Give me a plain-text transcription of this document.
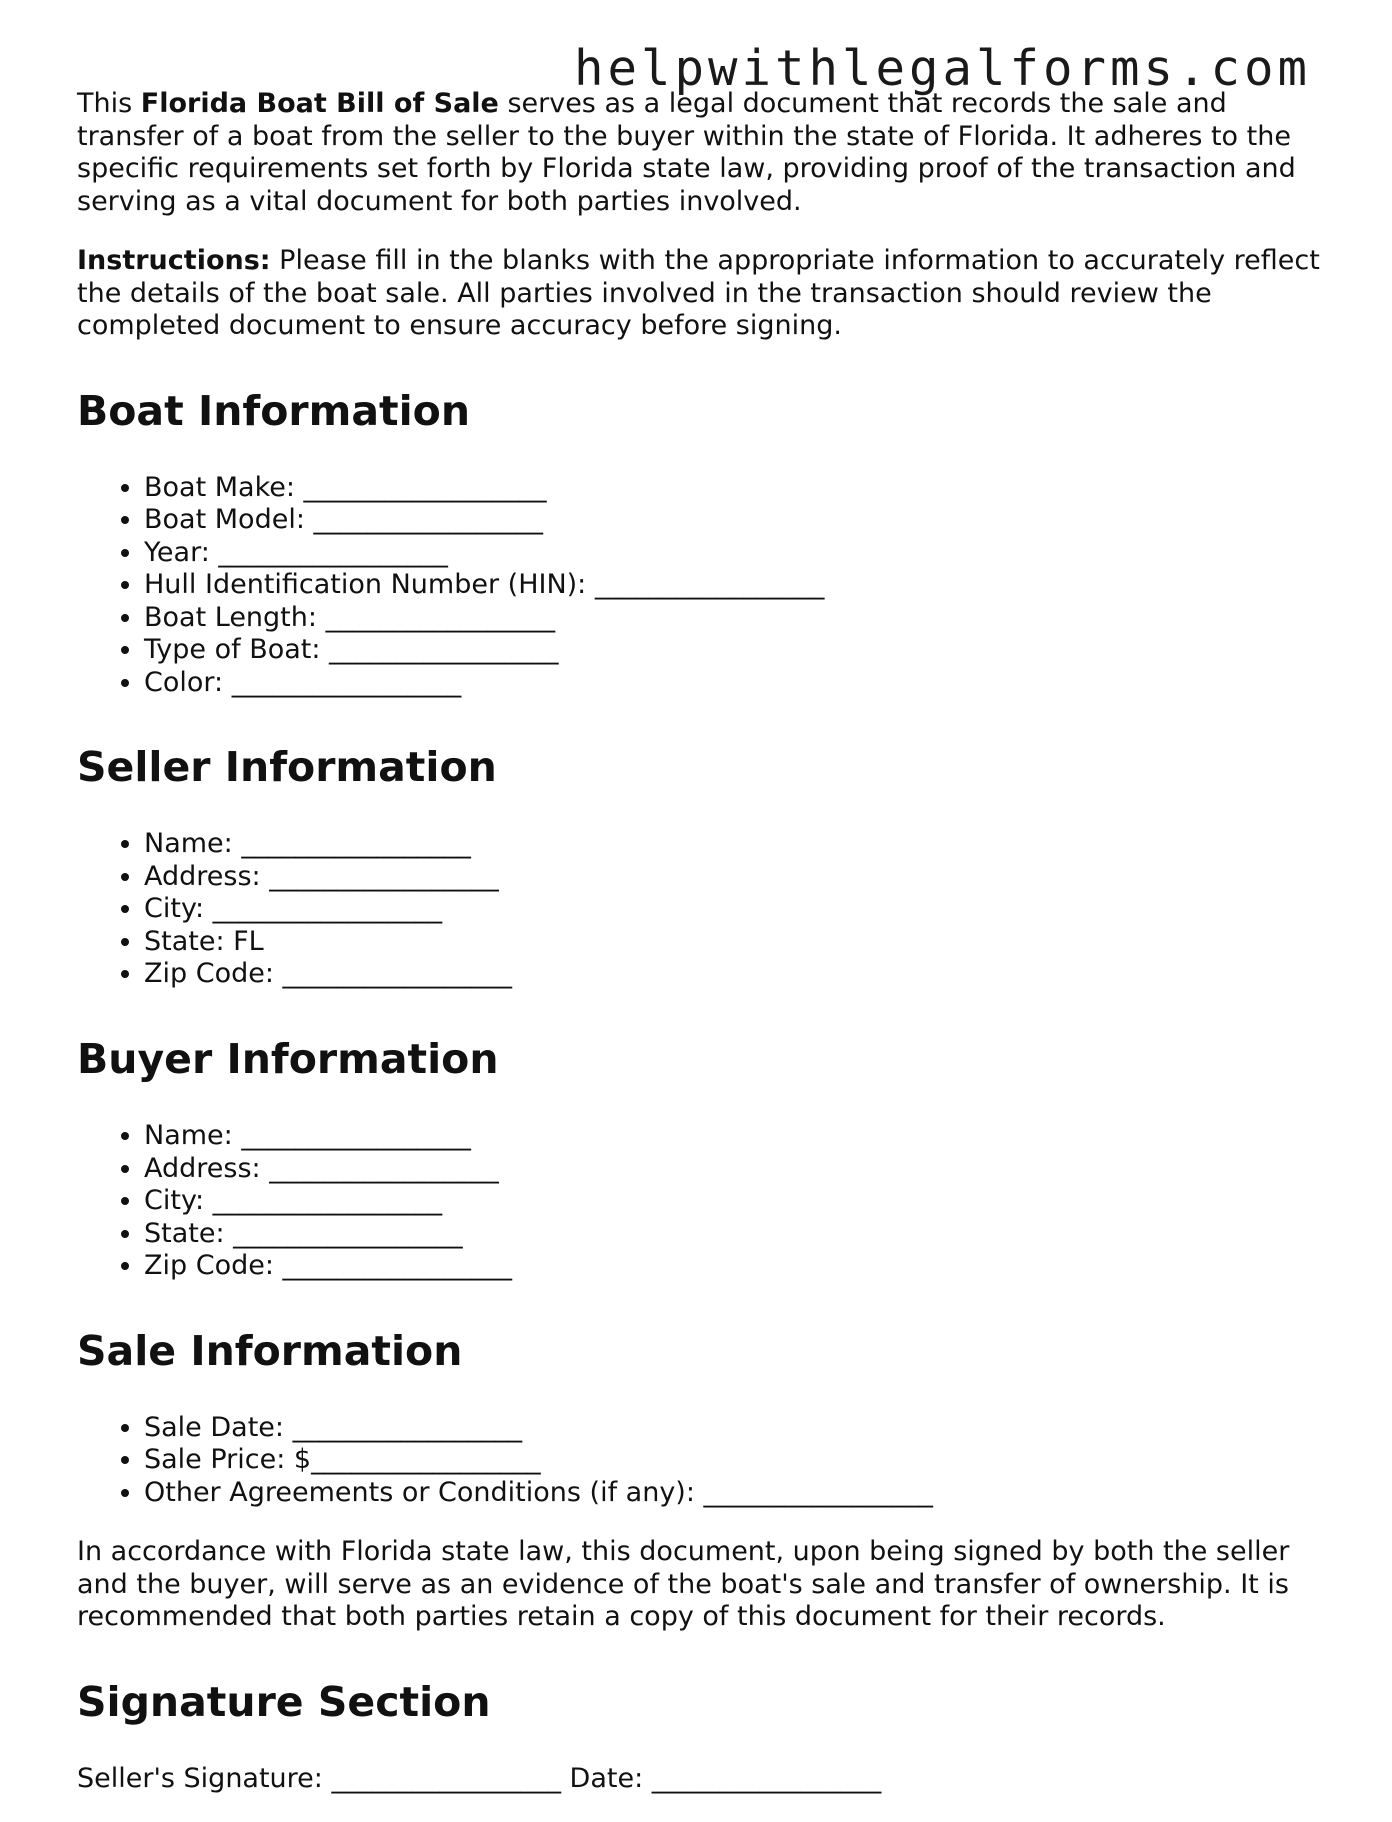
helpwithlegalforms.com

This Florida Boat Bill of Sale serves as a legal document that records the sale and transfer of a boat from the seller to the buyer within the state of Florida. It adheres to the specific requirements set forth by Florida state law, providing proof of the transaction and serving as a vital document for both parties involved.

Instructions: Please fill in the blanks with the appropriate information to accurately reflect the details of the boat sale. All parties involved in the transaction should review the completed document to ensure accuracy before signing.

Boat Information
• Boat Make: __________________
• Boat Model: _________________
• Year: _________________
• Hull Identification Number (HIN): _________________
• Boat Length: _________________
• Type of Boat: _________________
• Color: _________________
Seller Information
• Name: _________________
• Address: _________________
• City: _________________
• State: FL
• Zip Code: _________________
Buyer Information
• Name: _________________
• Address: _________________
• City: _________________
• State: _________________
• Zip Code: _________________
Sale Information
• Sale Date: _________________
• Sale Price: $_________________
• Other Agreements or Conditions (if any): _________________

In accordance with Florida state law, this document, upon being signed by both the seller and the buyer, will serve as an evidence of the boat's sale and transfer of ownership. It is recommended that both parties retain a copy of this document for their records.

Signature Section

Seller's Signature: _________________ Date: _________________
